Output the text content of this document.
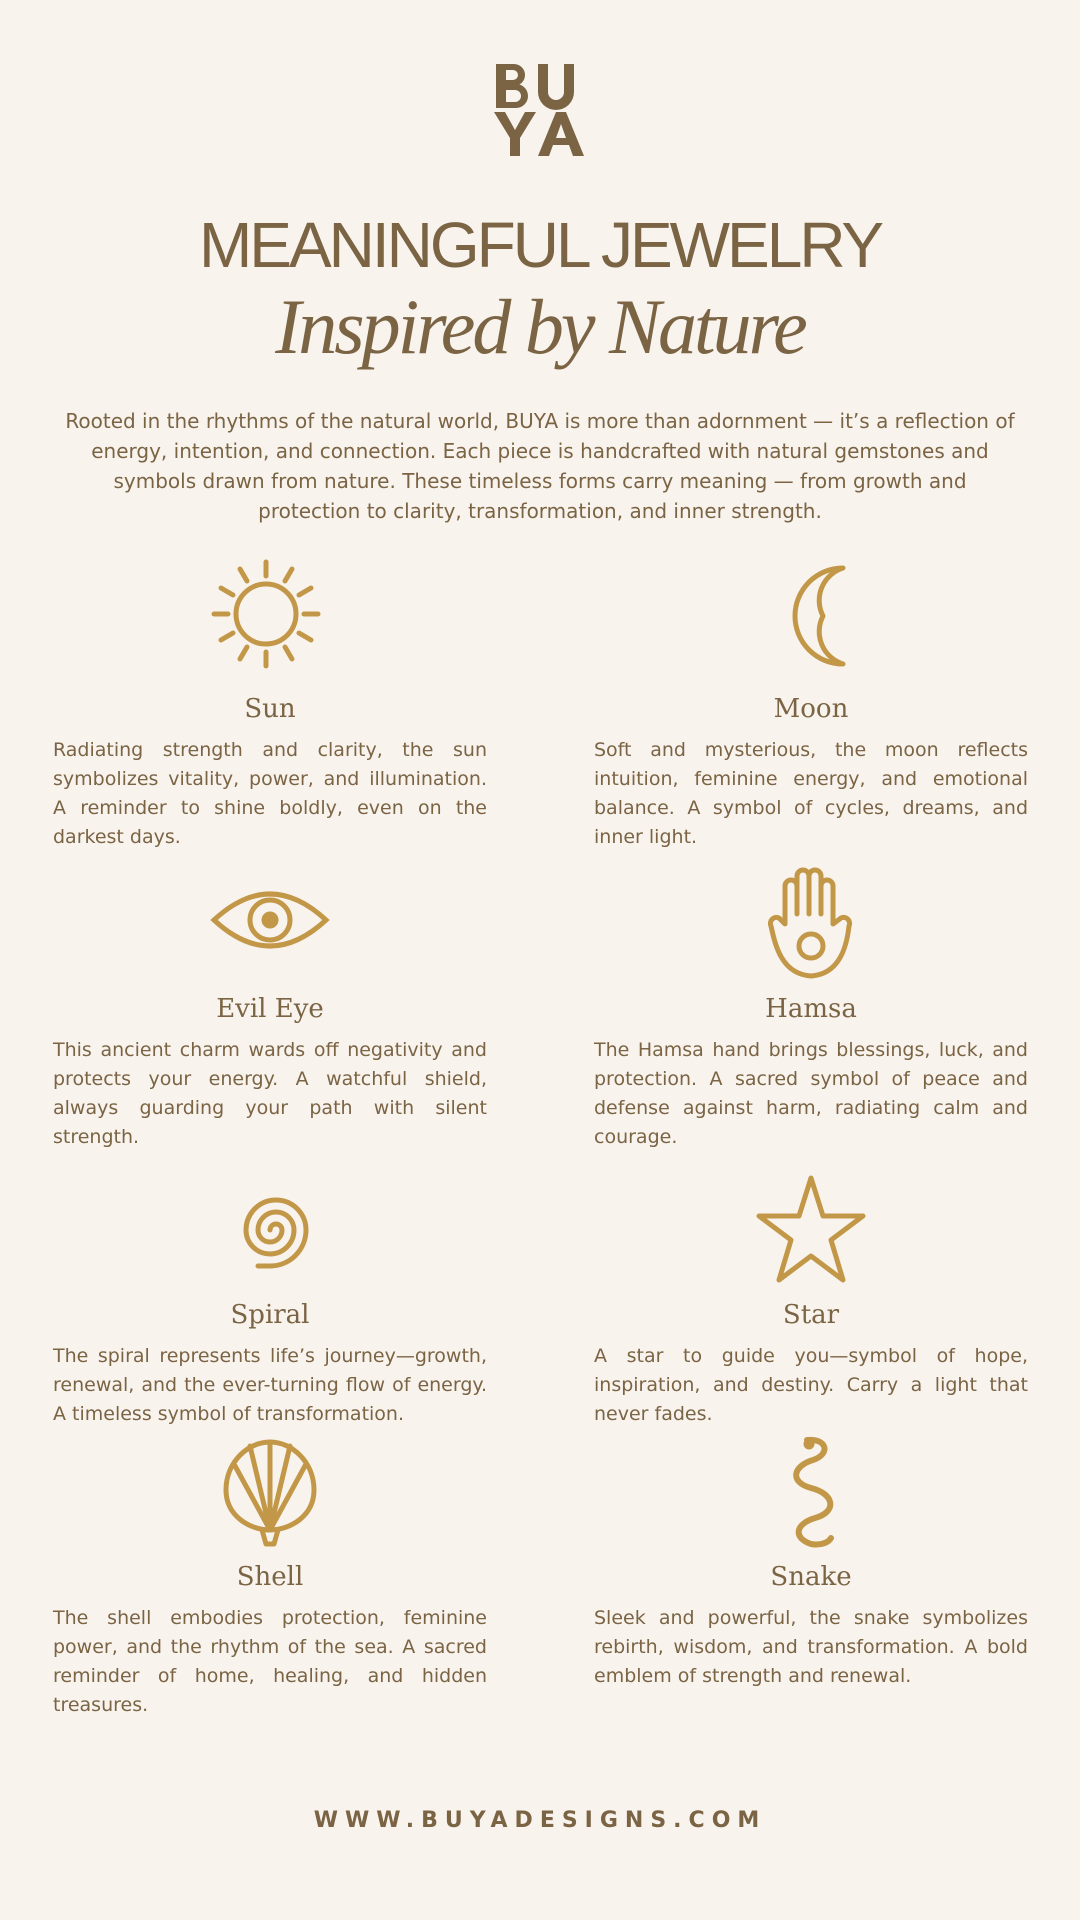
MEANINGFUL JEWELRY
Inspired by Nature
Rooted in the rhythms of the natural world, BUYA is more than adornment — it’s a reflection of energy, intention, and connection. Each piece is handcrafted with natural gemstones and symbols drawn from nature. These timeless forms carry meaning — from growth and protection to clarity, transformation, and inner strength.
Sun
Radiating strength and clarity, the sun symbolizes vitality, power, and illumination. A reminder to shine boldly, even on the darkest days.
Moon
Soft and mysterious, the moon reflects intuition, feminine energy, and emotional balance. A symbol of cycles, dreams, and inner light.
Evil Eye
This ancient charm wards off negativity and protects your energy. A watchful shield, always guarding your path with silent strength.
Hamsa
The Hamsa hand brings blessings, luck, and protection. A sacred symbol of peace and defense against harm, radiating calm and courage.
Spiral
The spiral represents life’s journey—growth, renewal, and the ever-turning flow of energy. A timeless symbol of transformation.
Star
A star to guide you—symbol of hope, inspiration, and destiny. Carry a light that never fades.
Shell
The shell embodies protection, feminine power, and the rhythm of the sea. A sacred reminder of home, healing, and hidden treasures.
Snake
Sleek and powerful, the snake symbolizes rebirth, wisdom, and transformation. A bold emblem of strength and renewal.
WWW.BUYADESIGNS.COM
